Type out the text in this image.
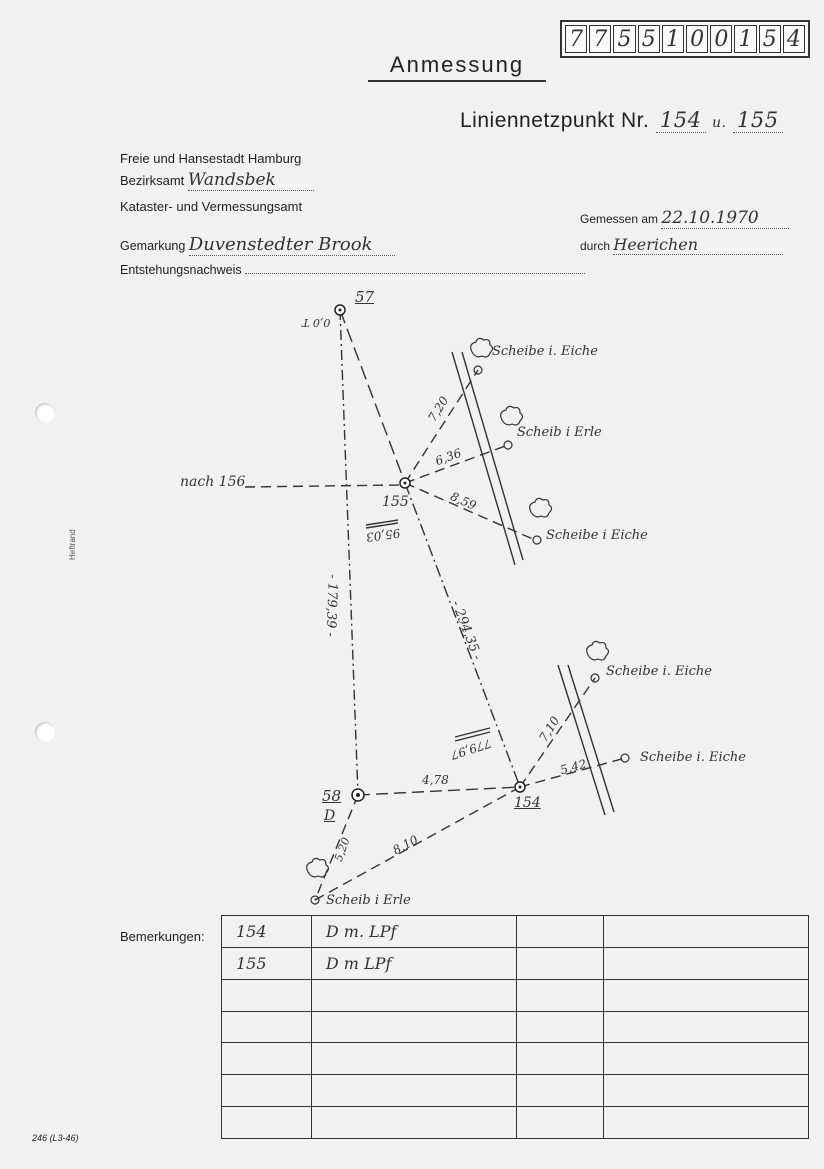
7 7 5 5 1 0 0 1 5 4
Anmessung
Liniennetzpunkt Nr. 154 u. 155
Freie und Hansestadt Hamburg
Bezirksamt Wandsbek
Kataster- und Vermessungsamt
Gemarkung Duvenstedter Brook
Entstehungsnachweis
Gemessen am 22.10.1970
durch Heerichen
57
0,0 T
155
95,03
154
779,97
58
D
nach 156
- 179,39 -	- 294,35 -
7,20
6,36
8,59
4,78
7,10
5,42
5,20	8,10
Scheibe i. Eiche
Scheib i Erle
Scheibe i Eiche
Scheibe i. Eiche
Scheibe i. Eiche
Scheib i Erle
Heftrand
Bemerkungen: 154	D m. LPf		
155	D m LPf		

246 (L3-46)
